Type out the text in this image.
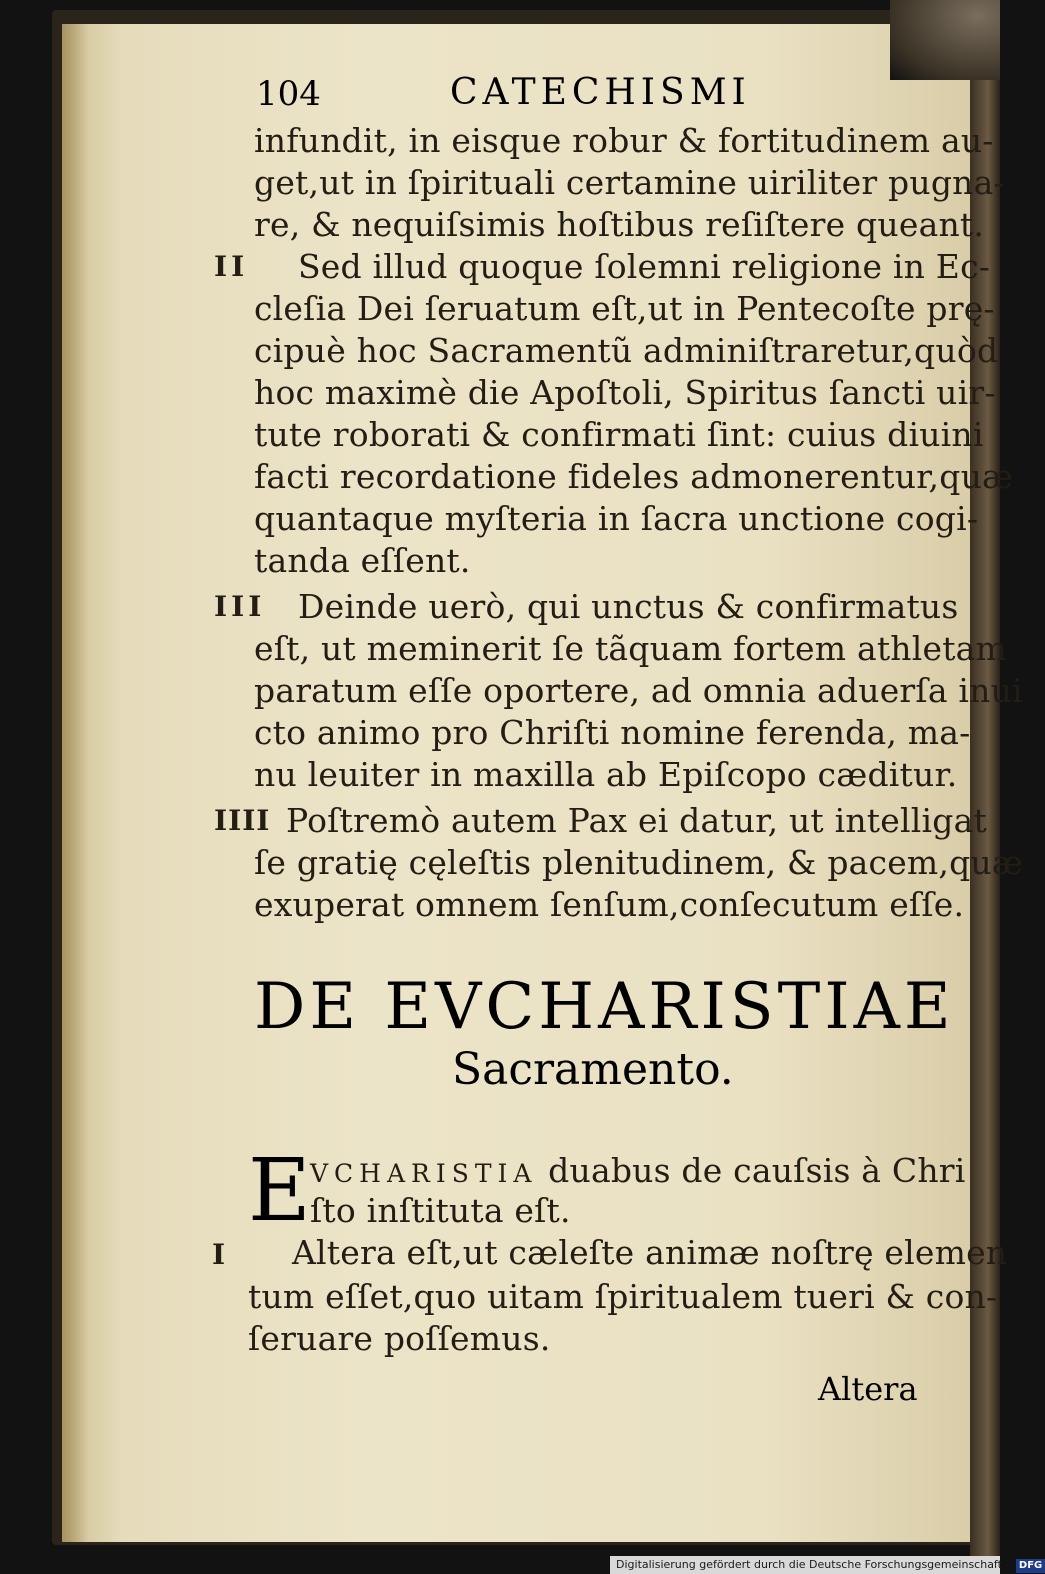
104	CATECHISMI
infundit, in eisque robur & fortitudinem au-
get,ut in ſpirituali certamine uiriliter pugna-
re, & nequiſsimis hoſtibus reſiſtere queant.
II Sed illud quoque ſolemni religione in Ec-
cleſia Dei ſeruatum eſt,ut in Pentecoſte prę-
cipuè hoc Sacramentũ adminiſtraretur,quòd
hoc maximè die Apoſtoli, Spiritus ſancti uir-
tute roborati & confirmati ſint: cuius diuini
facti recordatione fideles admonerentur,quæ
quantaque myſteria in ſacra unctione cogi-
tanda eſſent.
III Deinde uerò, qui unctus & confirmatus
eſt, ut meminerit ſe tãquam fortem athletam
paratum eſſe oportere, ad omnia aduerſa inui
cto animo pro Chriſti nomine ferenda, ma-
nu leuiter in maxilla ab Epiſcopo cæditur.
IIII Poſtremò autem Pax ei datur, ut intelligat
ſe gratię cęleſtis plenitudinem, & pacem,quæ
exuperat omnem ſenſum,conſecutum eſſe.
DE EVCHARISTIAE
Sacramento.
E VCHARISTIA duabus de cauſsis à Chri
ſto inſtituta eſt.
I Altera eſt,ut cæleſte animæ noſtrę elemen
tum eſſet,quo uitam ſpiritualem tueri & con-
ſeruare poſſemus.
Altera
Digitalisierung gefördert durch die Deutsche Forschungsgemeinschaft - DFG
